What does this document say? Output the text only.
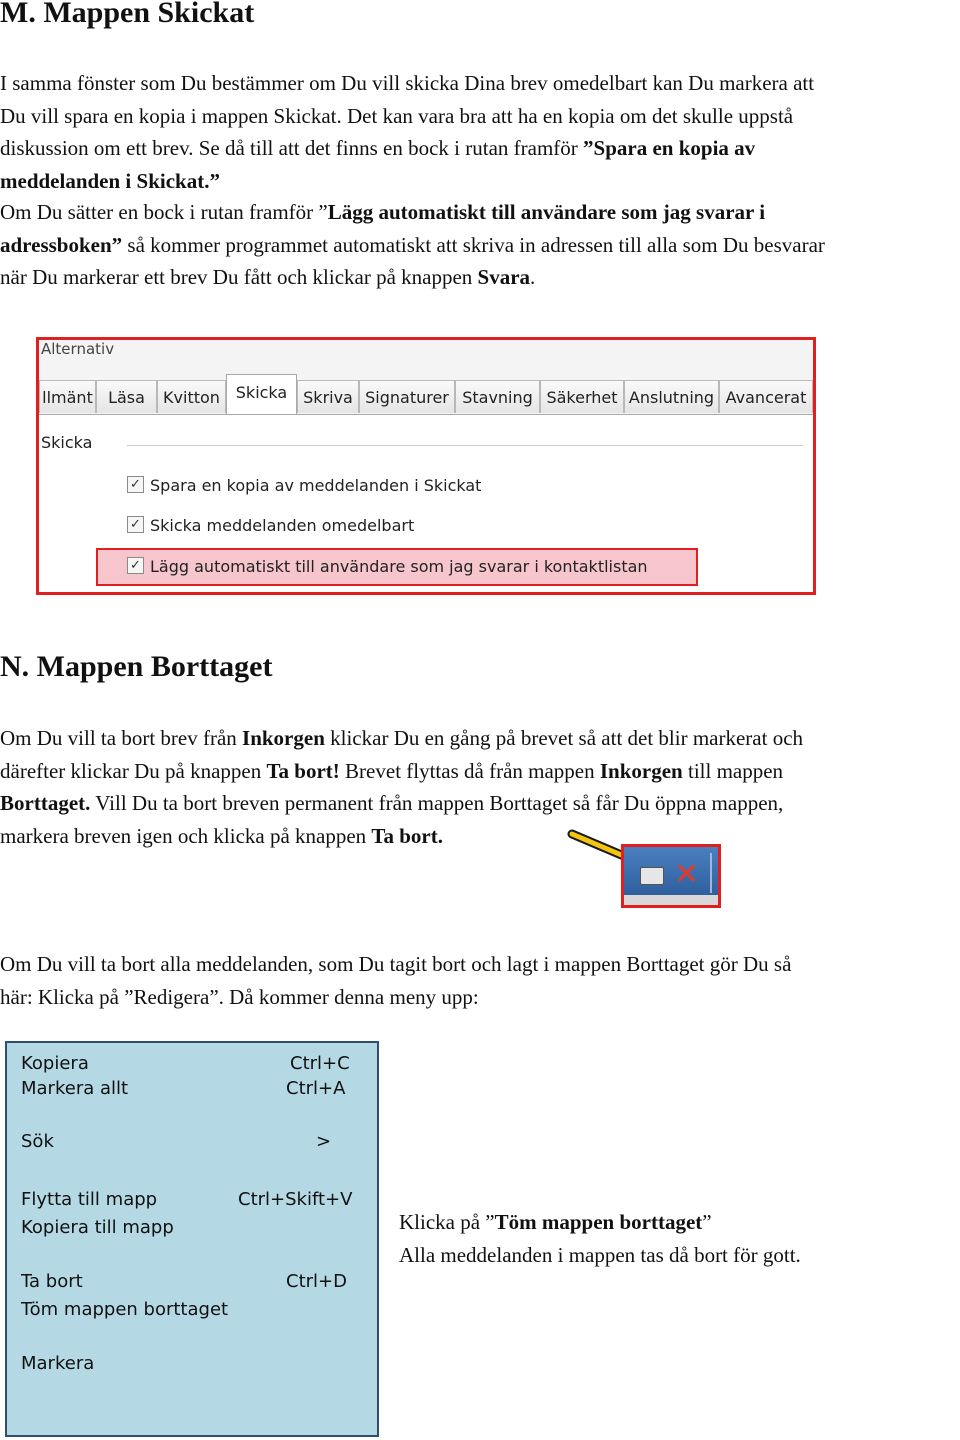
M. Mappen Skickat
I samma fönster som Du bestämmer om Du vill skicka Dina brev omedelbart kan Du markera att
Du vill spara en kopia i mappen Skickat. Det kan vara bra att ha en kopia om det skulle uppstå
diskussion om ett brev. Se då till att det finns en bock i rutan framför ”Spara en kopia av
meddelanden i Skickat.”
Om Du sätter en bock i rutan framför ”Lägg automatiskt till användare som jag svarar i
adressboken” så kommer programmet automatiskt att skriva in adressen till alla som Du besvarar
när Du markerar ett brev Du fått och klickar på knappen Svara.
Alternativ
llmänt Läsa	Kvitton Skicka Skriva Signaturer Stavning Säkerhet Anslutning Avancerat
Skicka
✓ Spara en kopia av meddelanden i Skickat
✓ Skicka meddelanden omedelbart
✓ Lägg automatiskt till användare som jag svarar i kontaktlistan
N. Mappen Borttaget
Om Du vill ta bort brev från Inkorgen klickar Du en gång på brevet så att det blir markerat och
därefter klickar Du på knappen Ta bort! Brevet flyttas då från mappen Inkorgen till mappen
Borttaget. Vill Du ta bort breven permanent från mappen Borttaget så får Du öppna mappen,
markera breven igen och klicka på knappen Ta bort.
✕
Om Du vill ta bort alla meddelanden, som Du tagit bort och lagt i mappen Borttaget gör Du så
här: Klicka på ”Redigera”. Då kommer denna meny upp:
Kopiera	Ctrl+C
Markera allt	Ctrl+A
Sök	>
Flytta till mapp	Ctrl+Skift+V
Kopiera till mapp
Ta bort	Ctrl+D
Töm mappen borttaget
Markera
Klicka på ”Töm mappen borttaget”
Alla meddelanden i mappen tas då bort för gott.
